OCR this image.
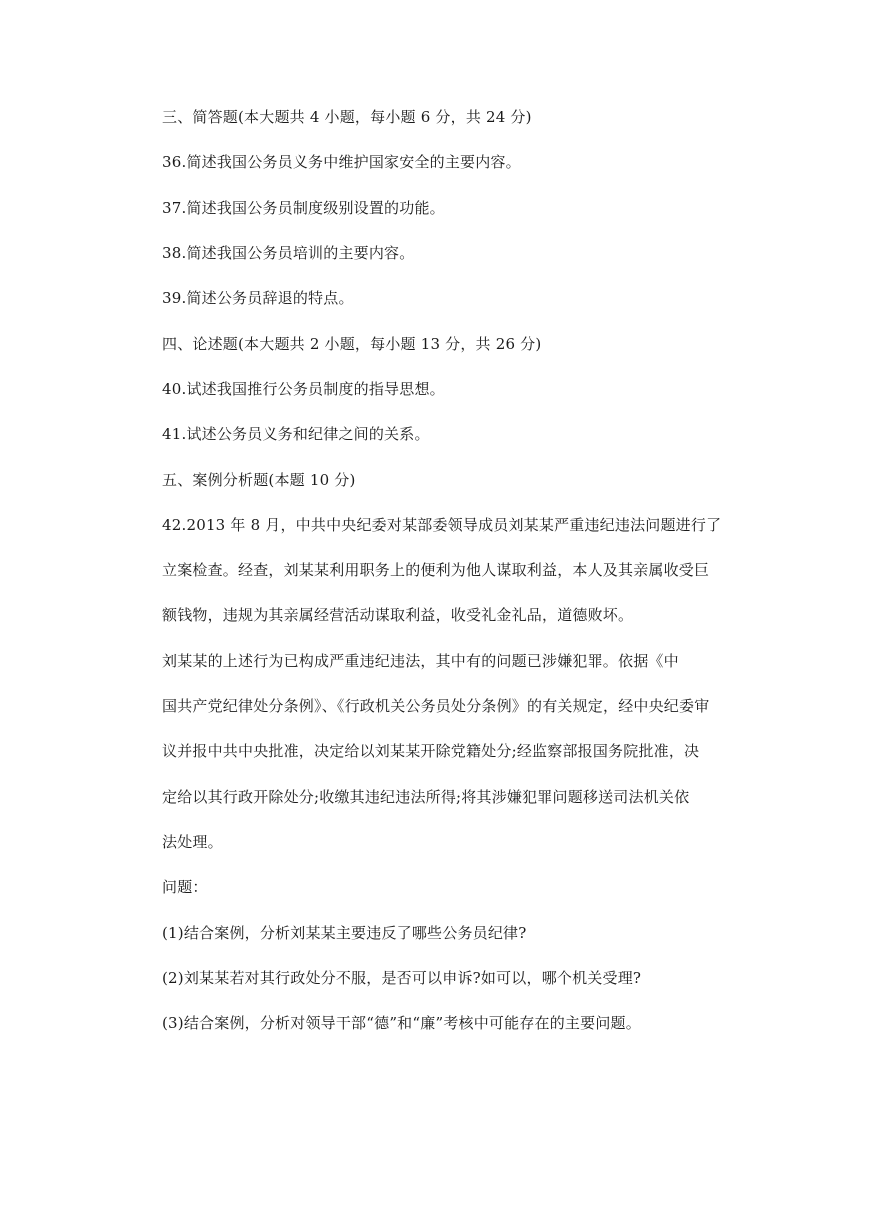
三、简答题(本大题共 4 小题，每小题 6 分，共 24 分)
36.简述我国公务员义务中维护国家安全的主要内容。
37.简述我国公务员制度级别设置的功能。
38.简述我国公务员培训的主要内容。
39.简述公务员辞退的特点。
四、论述题(本大题共 2 小题，每小题 13 分，共 26 分)
40.试述我国推行公务员制度的指导思想。
41.试述公务员义务和纪律之间的关系。
五、案例分析题(本题 10 分)
42.2013 年 8 月，中共中央纪委对某部委领导成员刘某某严重违纪违法问题进行了
立案检查。经查，刘某某利用职务上的便利为他人谋取利益，本人及其亲属收受巨
额钱物，违规为其亲属经营活动谋取利益，收受礼金礼品，道德败坏。
刘某某的上述行为已构成严重违纪违法，其中有的问题已涉嫌犯罪。依据《中
国共产党纪律处分条例》、《行政机关公务员处分条例》的有关规定，经中央纪委审
议并报中共中央批准，决定给以刘某某开除党籍处分;经监察部报国务院批准，决
定给以其行政开除处分;收缴其违纪违法所得;将其涉嫌犯罪问题移送司法机关依
法处理。
问题：
(1)结合案例，分析刘某某主要违反了哪些公务员纪律?
(2)刘某某若对其行政处分不服，是否可以申诉?如可以，哪个机关受理?
(3)结合案例，分析对领导干部“德”和“廉”考核中可能存在的主要问题。
